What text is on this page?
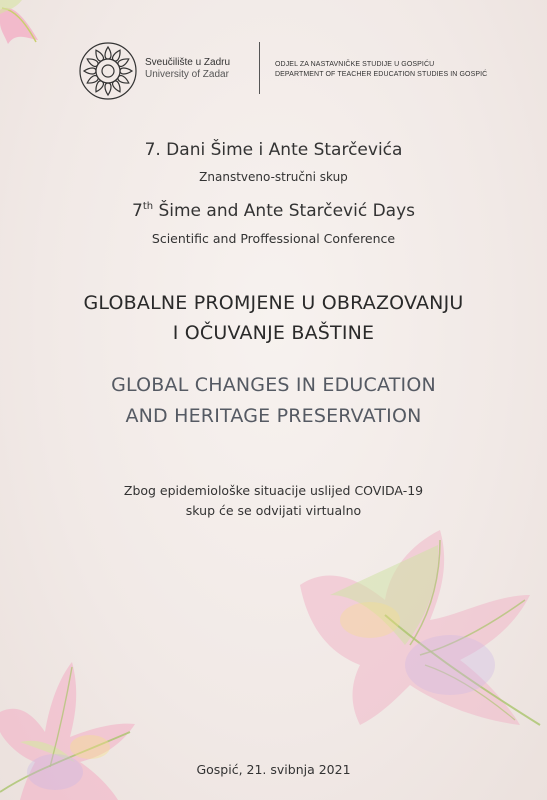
Sveučilište u Zadru
University of Zadar
ODJEL ZA NASTAVNIČKE STUDIJE U GOSPIĆU
DEPARTMENT OF TEACHER EDUCATION STUDIES IN GOSPIĆ
7. Dani Šime i Ante Starčevića
Znanstveno-stručni skup
7th Šime and Ante Starčević Days
Scientific and Proffessional Conference
GLOBALNE PROMJENE U OBRAZOVANJU
I OČUVANJE BAŠTINE
GLOBAL CHANGES IN EDUCATION
AND HERITAGE PRESERVATION
Zbog epidemiološke situacije uslijed COVIDA-19
skup će se odvijati virtualno
Gospić, 21. svibnja 2021
